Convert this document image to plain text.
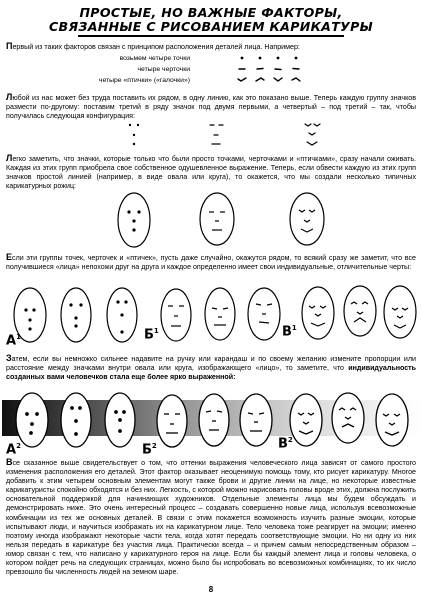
ПРОСТЫЕ, НО ВАЖНЫЕ ФАКТОРЫ,
СВЯЗАННЫЕ С РИСОВАНИЕМ КАРИКАТУРЫ
Первый из таких факторов связан с принципом расположения деталей лица. Например:
возьмем четыре точки
четыре черточки
четыре «птички» («галочки»)
Любой из нас может без труда поставить их рядом, в одну линию, как это показано выше. Теперь каждую группу значков размести по-другому: поставим третий в ряду значок под двумя первыми, а четвертый – под третий – так, чтобы получилась следующая конфигурация:
Легко заметить, что значки, которые только что были просто точками, черточками и «птичками», сразу начали оживать. Каждая из этих групп приобрела свое собственное одушевленное выражение. Теперь, если обвести каждую из этих групп значков простой линией (например, в виде овала или круга), то окажется, что мы создали несколько типичных карикатурных рожиц:
Если эти группы точек, черточек и «птичек», пусть даже случайно, окажутся рядом, то всякий сразу же заметит, что все получившиеся «лица» непохожи друг на друга и каждое определенно имеет свои индивидуальные, отличительные черты:
$А^1$	$Б^1$	$В^1$
Затем, если вы немножко сильнее надавите на ручку или карандаш и по своему желанию измените пропорции или расстояние между значками внутри овала или круга, изображающего «лицо», то заметите, что индивидуальность созданных вами человечков стала еще более ярко выраженной:
$А^2$	$Б^2$	$В^2$
Все сказанное выше свидетельствует о том, что оттенки выражения человеческого лица зависят от самого простого изменения расположения его деталей. Этот фактор оказывает неоценимую помощь тому, кто рисует карикатуру. Многое добавить к этим четырем основным элементам могут также брови и другие линии на лице, но некоторые известные карикатуристы спокойно обходятся и без них. Легкость, с которой можно нарисовать головы вроде этих, должна послужить основательной поддержкой для начинающих художников. Отдельные элементы лица мы будем обсуждать и демонстрировать ниже. Это очень интересный процесс – создавать совершенно новые лица, используя всевозможные комбинации из тех же основных деталей. В связи с этим покажется возможность изучить разные эмоции, которые испытывают люди, и научиться изображать их на карикатурном лице. Тело человека тоже реагирует на эмоции; именно поэтому иногда изображают некоторые части тела, когда хотят передать соответствующие эмоции. Но ни одну из них нельзя передать в карикатуре без участия лица. Практически всегда – и причем самым непосредственным образом – юмор связан с тем, что написано у карикатурного героя на лице. Если бы каждый элемент лица и головы человека, о котором пойдет речь на следующих страницах, можно было бы испробовать во всевозможных комбинациях, то их число превзошло бы численность людей на земном шаре.
8
